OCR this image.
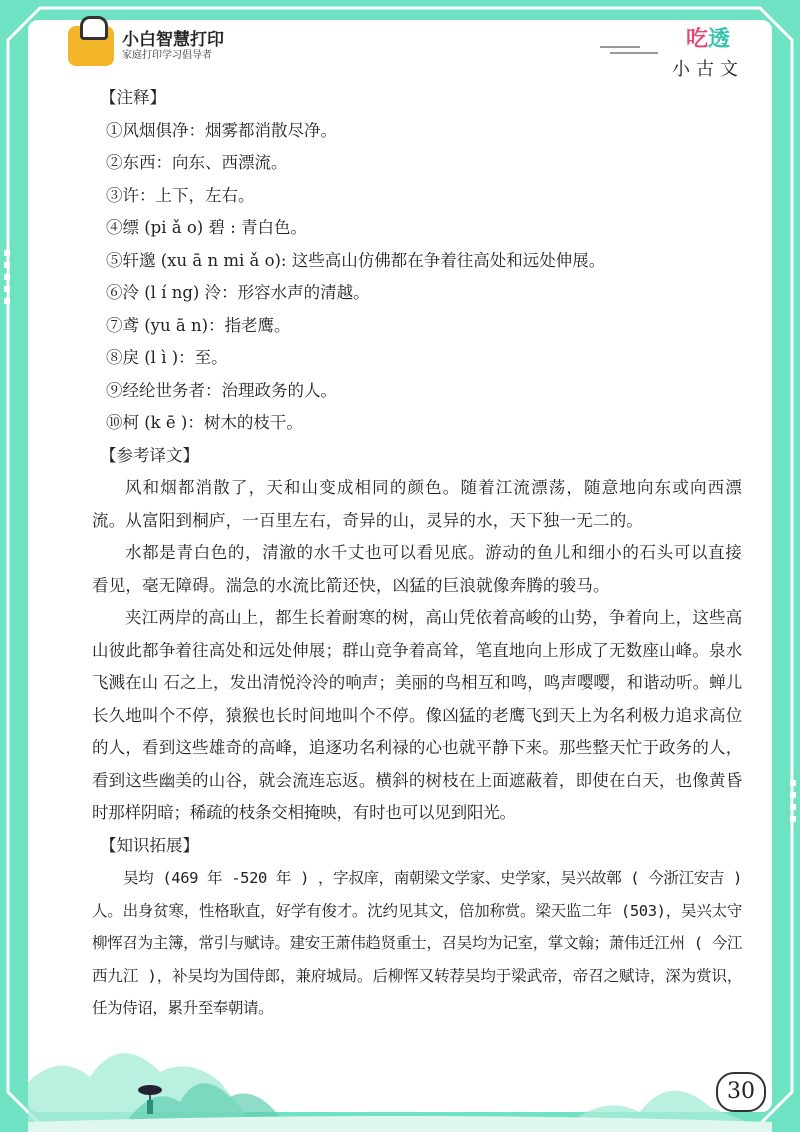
小白智慧打印
家庭打印学习倡导者
吃透
小古文
【注释】
①风烟俱净：烟雾都消散尽净。
②东西：向东、西漂流。
③许：上下，左右。
④缥 (pi ǎ o) 碧 : 青白色。
⑤轩邈 (xu ā n mi ǎ o): 这些高山仿佛都在争着往高处和远处伸展。
⑥泠 (l í ng) 泠：形容水声的清越。
⑦鸢 (yu ā n)：指老鹰。
⑧戾 (l ì )：至。
⑨经纶世务者：治理政务的人。
⑩柯 (k ē )：树木的枝干。
【参考译文】

风和烟都消散了，天和山变成相同的颜色。随着江流漂荡，随意地向东或向西漂流。从富阳到桐庐，一百里左右，奇异的山，灵异的水，天下独一无二的。

水都是青白色的，清澈的水千丈也可以看见底。游动的鱼儿和细小的石头可以直接看见，毫无障碍。湍急的水流比箭还快，凶猛的巨浪就像奔腾的骏马。

夹江两岸的高山上，都生长着耐寒的树，高山凭依着高峻的山势，争着向上，这些高山彼此都争着往高处和远处伸展；群山竞争着高耸，笔直地向上形成了无数座山峰。泉水飞溅在山 石之上，发出清悦泠泠的响声；美丽的鸟相互和鸣，鸣声嘤嘤，和谐动听。蝉儿长久地叫个不停，猿猴也长时间地叫个不停。像凶猛的老鹰飞到天上为名利极力追求高位的人，看到这些雄奇的高峰，追逐功名利禄的心也就平静下来。那些整天忙于政务的人，看到这些幽美的山谷，就会流连忘返。横斜的树枝在上面遮蔽着，即使在白天，也像黄昏时那样阴暗；稀疏的枝条交相掩映，有时也可以见到阳光。

【知识拓展】

吴均 (469 年 -520 年 ) ，字叔庠，南朝梁文学家、史学家，吴兴故鄣 ( 今浙江安吉 ) 人。出身贫寒，性格耿直，好学有俊才。沈约见其文，倍加称赏。梁天监二年 (503)，吴兴太守柳恽召为主簿，常引与赋诗。建安王萧伟趋贤重士，召吴均为记室，掌文翰；萧伟迁江州 ( 今江西九江 )，补吴均为国侍郎，兼府城局。后柳恽又转荐吴均于梁武帝，帝召之赋诗，深为赏识，任为侍诏，累升至奉朝请。

30
